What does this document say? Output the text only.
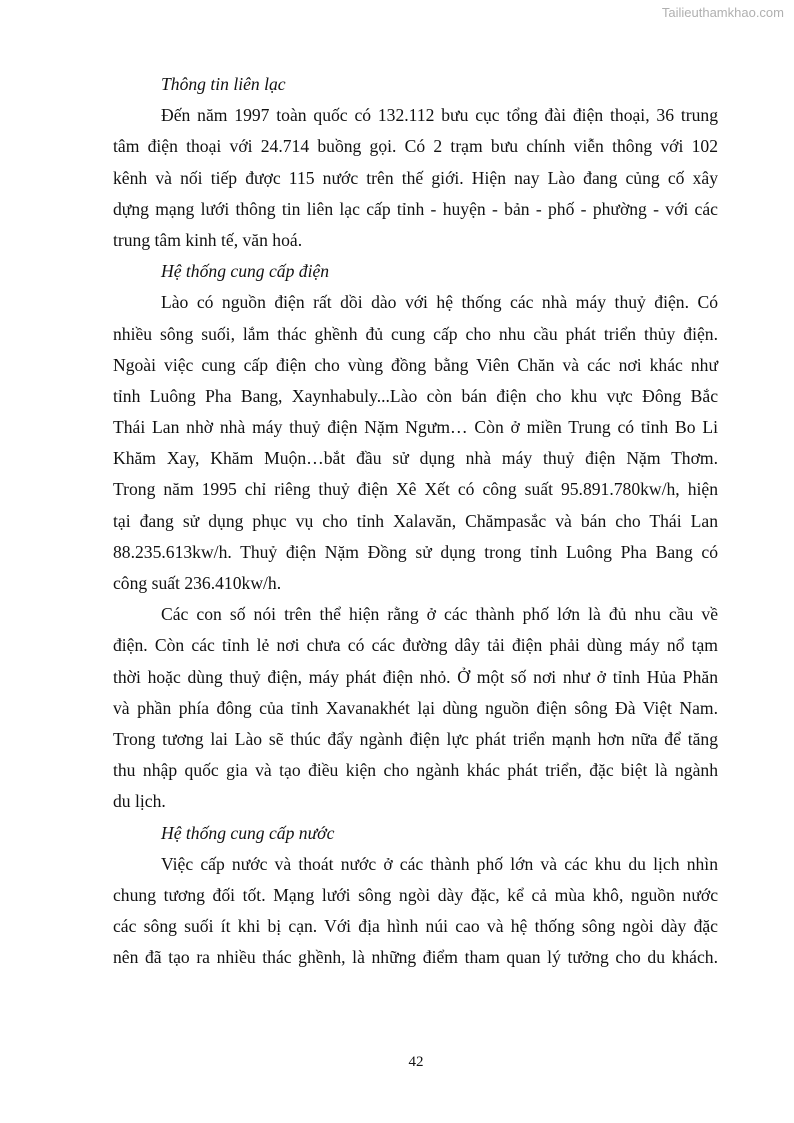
Tailieuthamkhao.com
Thông tin liên lạc
Đến năm 1997 toàn quốc có 132.112 bưu cục tổng đài điện thoại, 36 trung
tâm điện thoại với 24.714 buồng gọi. Có 2 trạm bưu chính viễn thông với 102
kênh và nối tiếp được 115 nước trên thế giới. Hiện nay Lào đang củng cố xây
dựng mạng lưới thông tin liên lạc cấp tỉnh - huyện - bản - phố - phường - với các
trung tâm kinh tế, văn hoá.
Hệ thống cung cấp điện
Lào có nguồn điện rất dồi dào với hệ thống các nhà máy thuỷ điện. Có
nhiều sông suối, lắm thác ghềnh đủ cung cấp cho nhu cầu phát triển thủy điện.
Ngoài việc cung cấp điện cho vùng đồng bằng Viên Chăn và các nơi khác như
tỉnh Luông Pha Bang, Xaynhabuly...Lào còn bán điện cho khu vực Đông Bắc
Thái Lan nhờ nhà máy thuỷ điện Nặm Ngưm… Còn ở miền Trung có tỉnh Bo Li
Khăm Xay, Khăm Muộn…bắt đầu sử dụng nhà máy thuỷ điện Nặm Thơm.
Trong năm 1995 chỉ riêng thuỷ điện Xê Xết có công suất 95.891.780kw/h, hiện
tại đang sử dụng phục vụ cho tỉnh Xalavăn, Chămpasắc và bán cho Thái Lan
88.235.613kw/h. Thuỷ điện Nặm Đồng sử dụng trong tỉnh Luông Pha Bang có
công suất 236.410kw/h.
Các con số nói trên thể hiện rằng ở các thành phố lớn là đủ nhu cầu về
điện. Còn các tỉnh lẻ nơi chưa có các đường dây tải điện phải dùng máy nổ tạm
thời hoặc dùng thuỷ điện, máy phát điện nhỏ. Ở một số nơi như ở tỉnh Hủa Phăn
và phần phía đông của tỉnh Xavanakhét lại dùng nguồn điện sông Đà Việt Nam.
Trong tương lai Lào sẽ thúc đẩy ngành điện lực phát triển mạnh hơn nữa để tăng
thu nhập quốc gia và tạo điều kiện cho ngành khác phát triển, đặc biệt là ngành
du lịch.
Hệ thống cung cấp nước
Việc cấp nước và thoát nước ở các thành phố lớn và các khu du lịch nhìn
chung tương đối tốt. Mạng lưới sông ngòi dày đặc, kể cả mùa khô, nguồn nước
các sông suối ít khi bị cạn. Với địa hình núi cao và hệ thống sông ngòi dày đặc
nên đã tạo ra nhiều thác ghềnh, là những điểm tham quan lý tưởng cho du khách.
42
